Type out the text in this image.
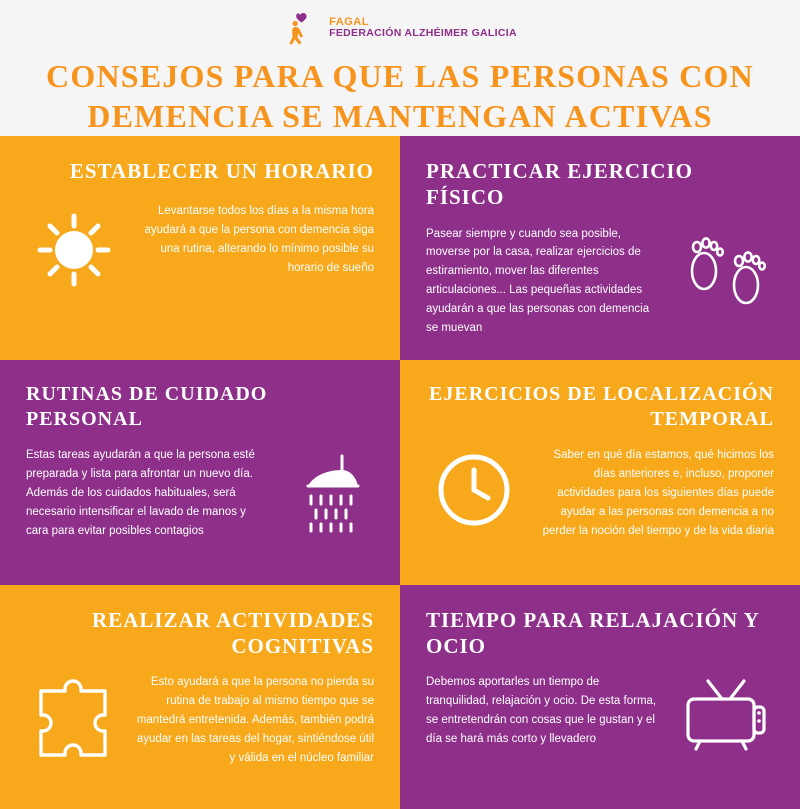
FAGAL
FEDERACIÓN ALZHÉIMER GALICIA
CONSEJOS PARA QUE LAS PERSONAS CON DEMENCIA SE MANTENGAN ACTIVAS
ESTABLECER UN HORARIO
Levantarse todos los días a la misma hora ayudará a que la persona con demencia siga una rutina, alterando lo mínimo posible su horario de sueño
PRACTICAR EJERCICIO FÍSICO
Pasear siempre y cuando sea posible, moverse por la casa, realizar ejercicios de estiramiento, mover las diferentes articulaciones... Las pequeñas actividades ayudarán a que las personas con demencia se muevan
RUTINAS DE CUIDADO PERSONAL
Estas tareas ayudarán a que la persona esté preparada y lista para afrontar un nuevo día. Además de los cuidados habituales, será necesario intensificar el lavado de manos y cara para evitar posibles contagios
EJERCICIOS DE LOCALIZACIÓN TEMPORAL
Saber en qué día estamos, qué hicimos los días anteriores e, incluso, proponer actividades para los siguientes días puede ayudar a las personas con demencia a no perder la noción del tiempo y de la vida diaria
REALIZAR ACTIVIDADES COGNITIVAS
Esto ayudará a que la persona no pierda su rutina de trabajo al mismo tiempo que se mantedrá entretenida. Además, también podrá ayudar en las tareas del hogar, sintiéndose útil y válida en el núcleo familiar
TIEMPO PARA RELAJACIÓN Y OCIO
Debemos aportarles un tiempo de tranquilidad, relajación y ocio. De esta forma, se entretendrán con cosas que le gustan y el día se hará más corto y llevadero
